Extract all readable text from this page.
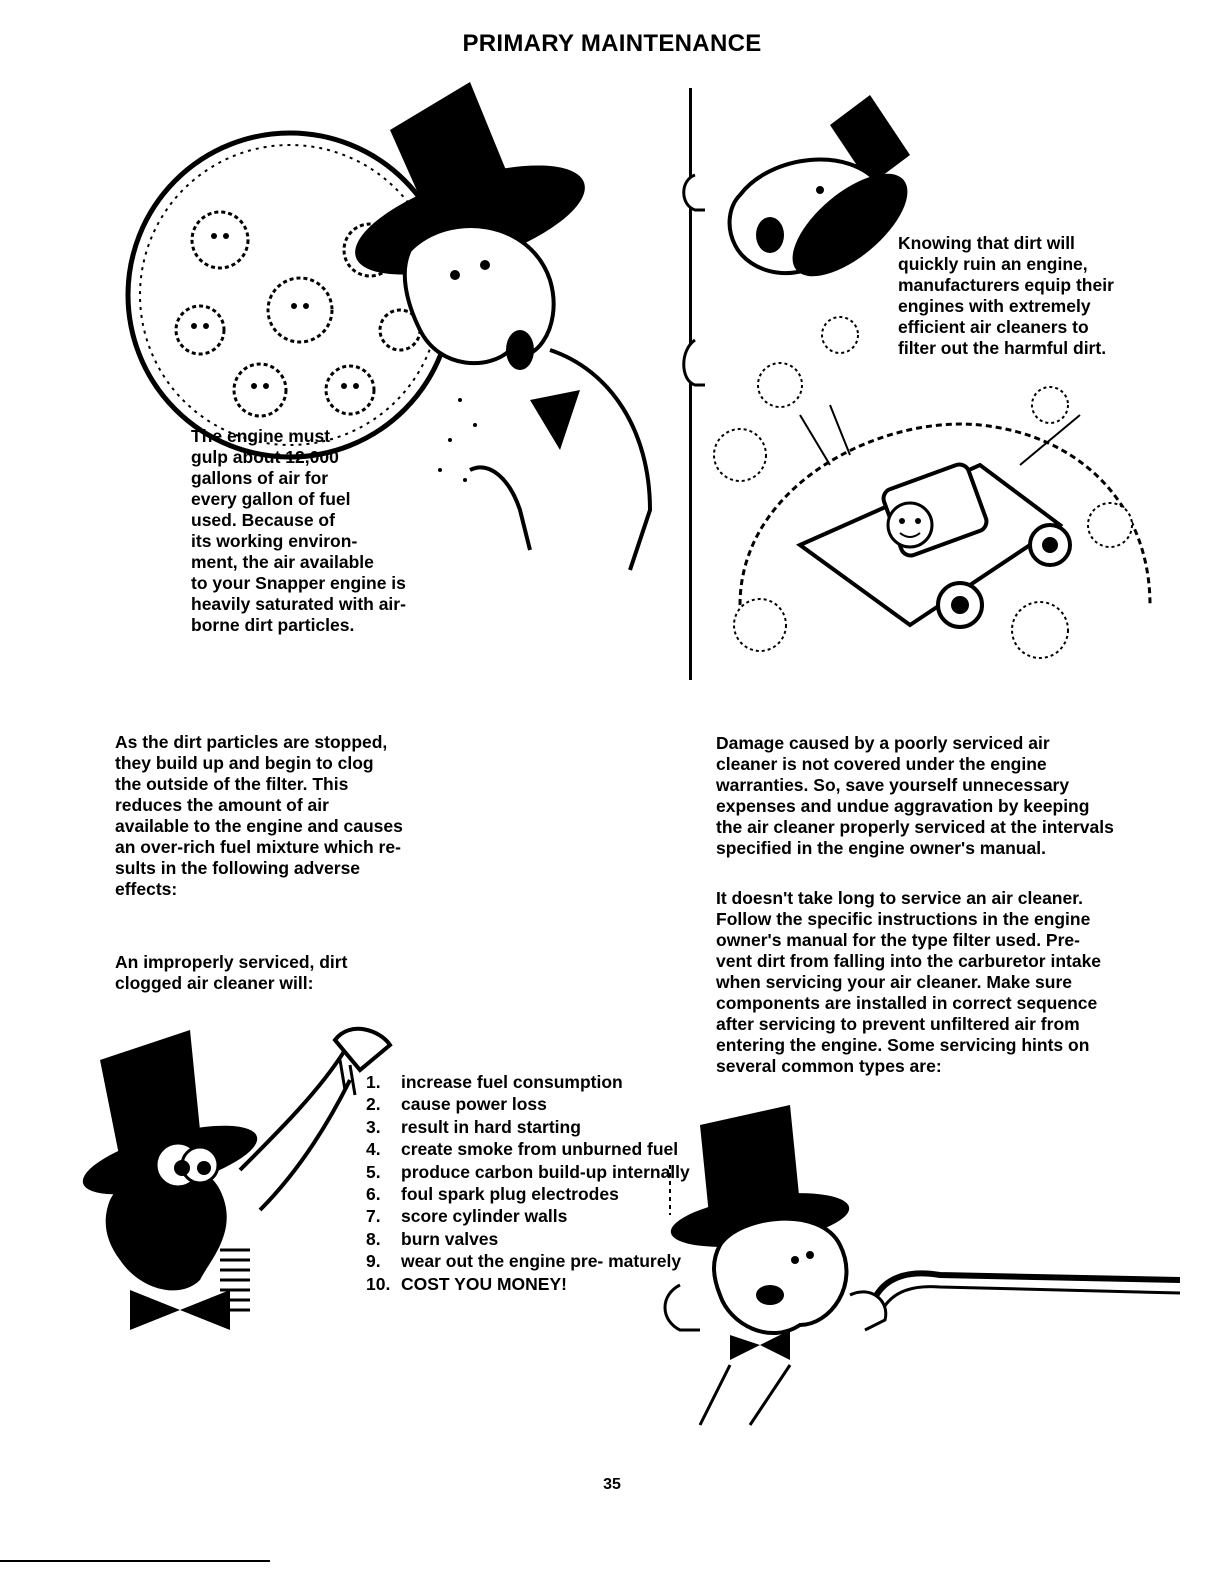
PRIMARY MAINTENANCE

The engine must
gulp about 12,000
gallons of air for
every gallon of fuel
used. Because of
its working environ-
ment, the air available
to your Snapper engine is
heavily saturated with air-
borne dirt particles.

Knowing that dirt will
quickly ruin an engine,
manufacturers equip their
engines with extremely
efficient air cleaners to
filter out the harmful dirt.

As the dirt particles are stopped,
they build up and begin to clog
the outside of the filter. This
reduces the amount of air
available to the engine and causes
an over-rich fuel mixture which re-
sults in the following adverse
effects:

An improperly serviced, dirt
clogged air cleaner will:

1. increase fuel consumption
2. cause power loss
3. result in hard starting
4. create smoke from unburned fuel
5. produce carbon build-up internally
6. foul spark plug electrodes
7. score cylinder walls
8. burn valves
9. wear out the engine pre- maturely
10. COST YOU MONEY!

Damage caused by a poorly serviced air
cleaner is not covered under the engine
warranties. So, save yourself unnecessary
expenses and undue aggravation by keeping
the air cleaner properly serviced at the intervals
specified in the engine owner's manual.

It doesn't take long to service an air cleaner.
Follow the specific instructions in the engine
owner's manual for the type filter used. Pre-
vent dirt from falling into the carburetor intake
when servicing your air cleaner. Make sure
components are installed in correct sequence
after servicing to prevent unfiltered air from
entering the engine. Some servicing hints on
several common types are:

35
